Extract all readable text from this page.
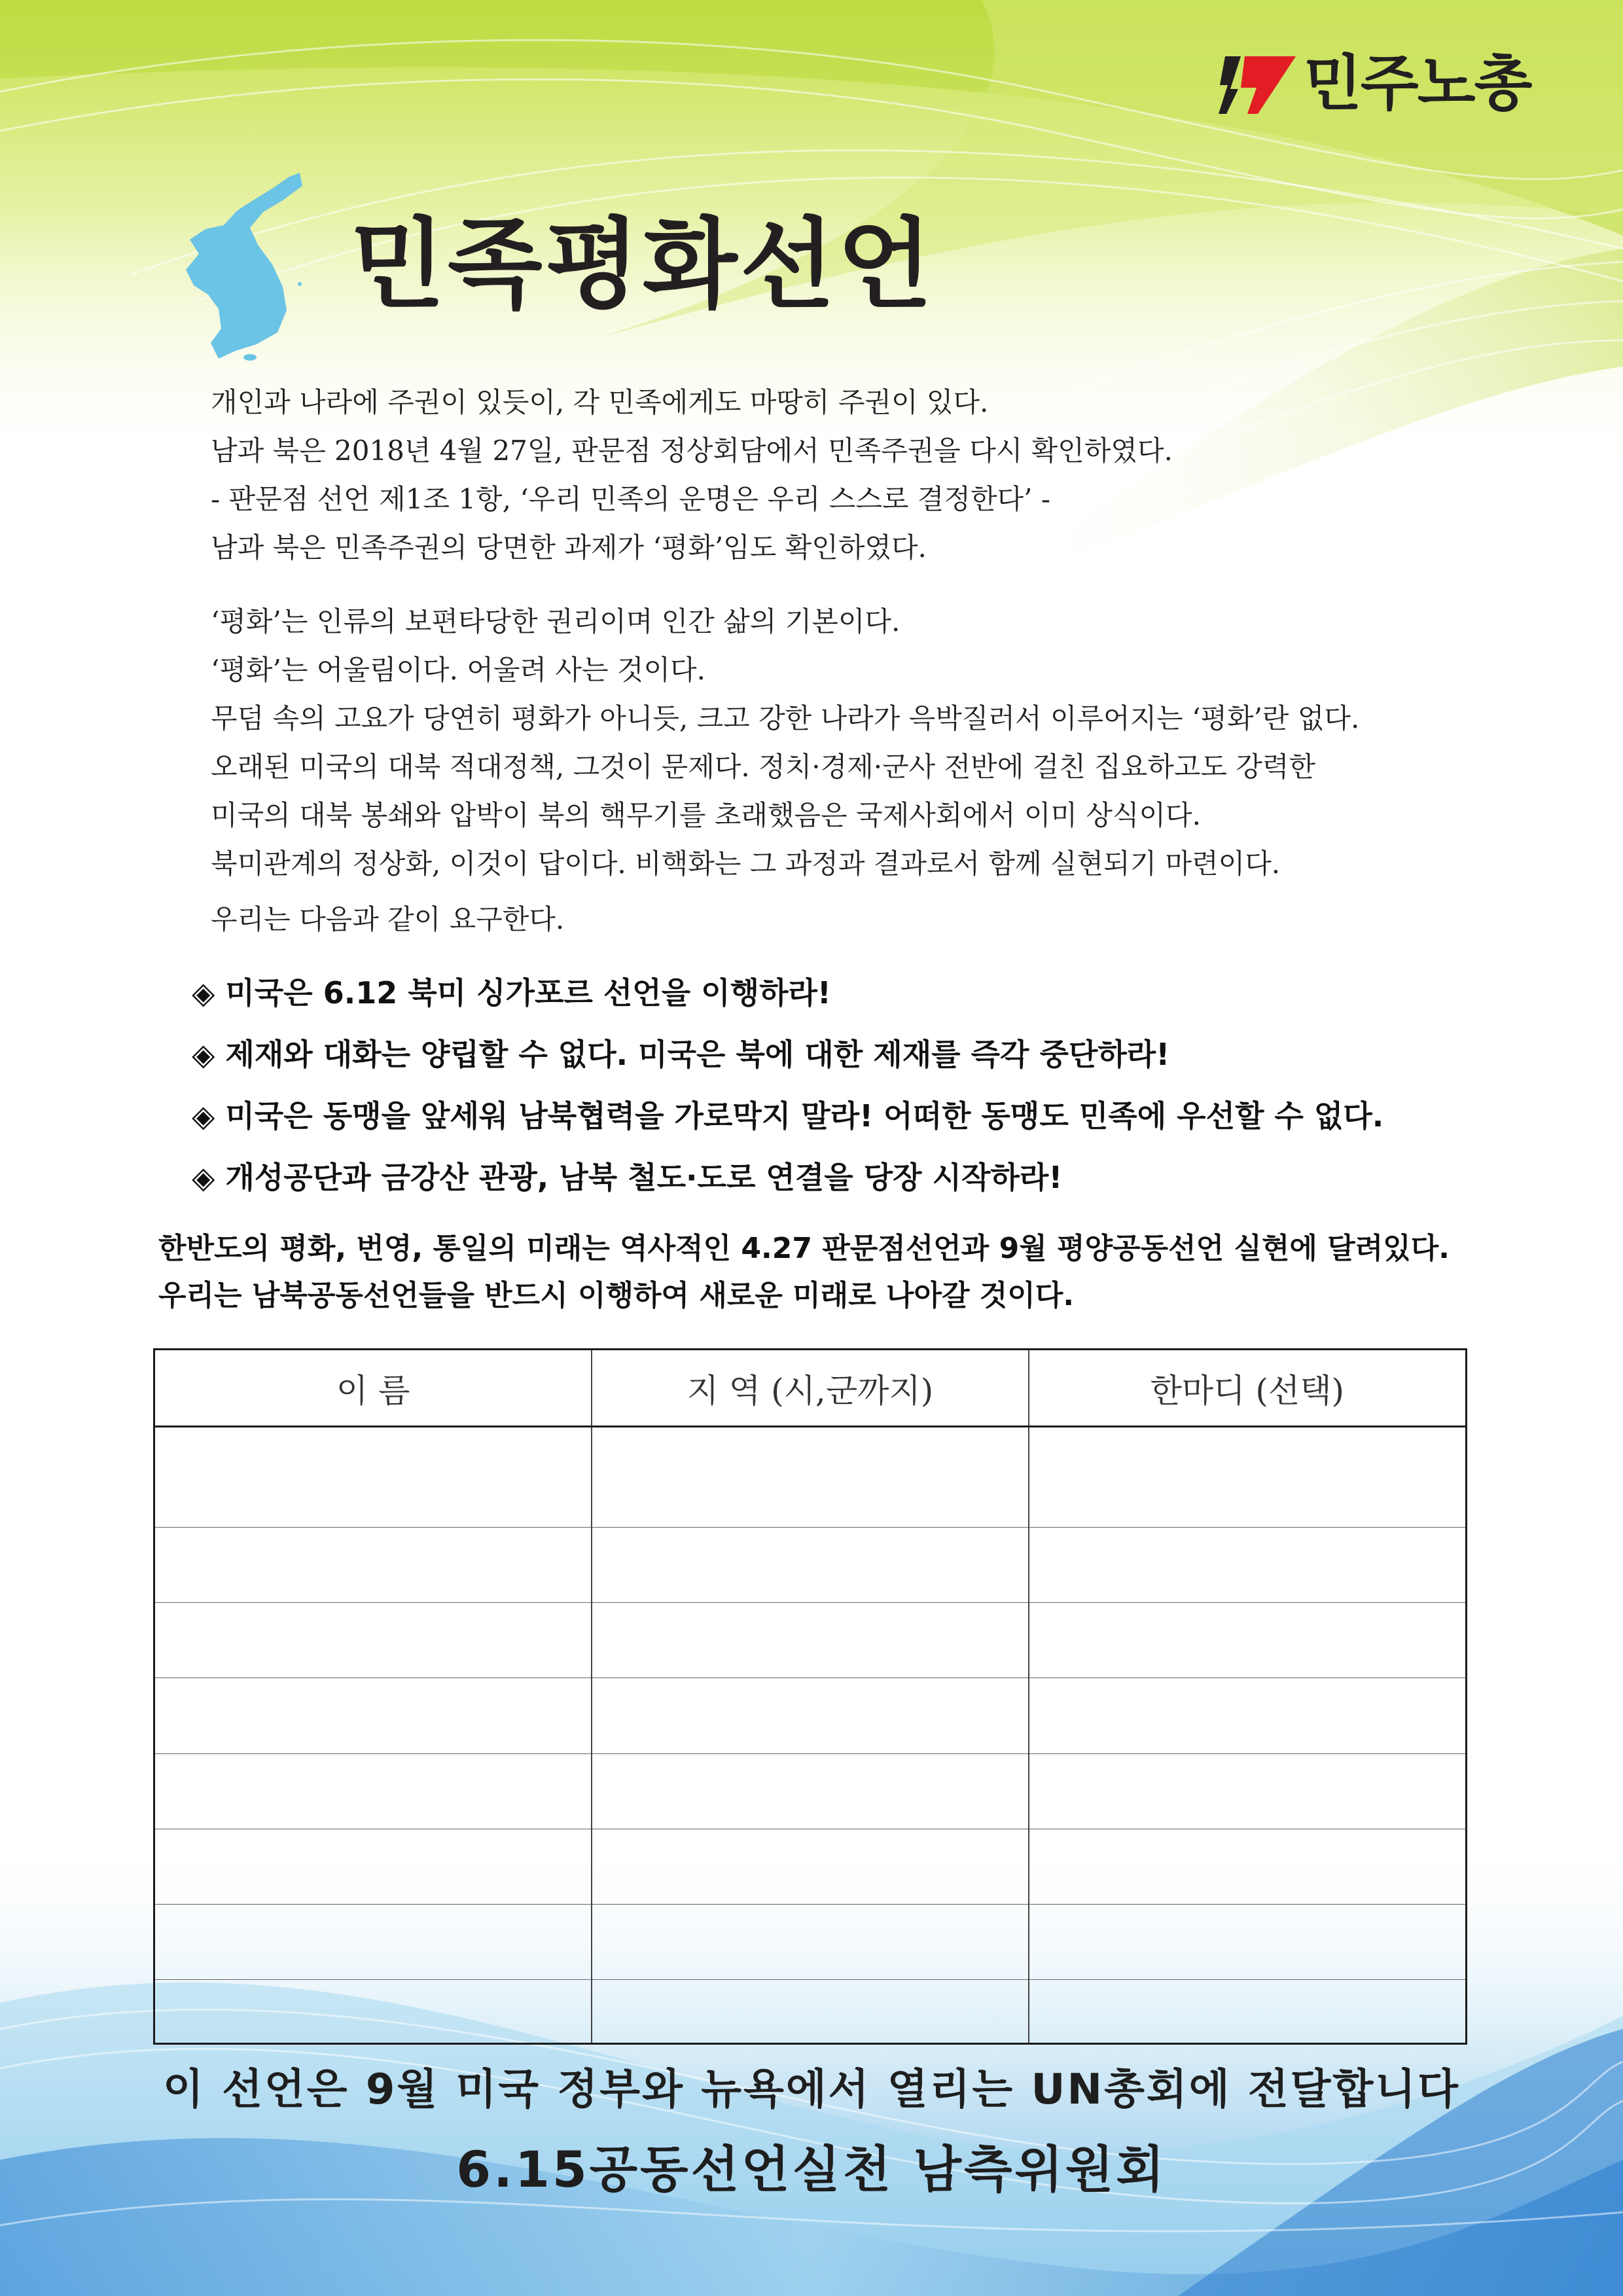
민주노총
민족평화선언
개인과 나라에 주권이 있듯이, 각 민족에게도 마땅히 주권이 있다.
남과 북은 2018년 4월 27일, 판문점 정상회담에서 민족주권을 다시 확인하였다.
- 판문점 선언 제1조 1항, ‘우리 민족의 운명은 우리 스스로 결정한다’ -
남과 북은 민족주권의 당면한 과제가 ‘평화’임도 확인하였다.
‘평화’는 인류의 보편타당한 권리이며 인간 삶의 기본이다.
‘평화’는 어울림이다. 어울려 사는 것이다.
무덤 속의 고요가 당연히 평화가 아니듯, 크고 강한 나라가 윽박질러서 이루어지는 ‘평화’란 없다.
오래된 미국의 대북 적대정책, 그것이 문제다. 정치·경제·군사 전반에 걸친 집요하고도 강력한
미국의 대북 봉쇄와 압박이 북의 핵무기를 초래했음은 국제사회에서 이미 상식이다.
북미관계의 정상화, 이것이 답이다. 비핵화는 그 과정과 결과로서 함께 실현되기 마련이다.
우리는 다음과 같이 요구한다.
◈ 미국은 6.12 북미 싱가포르 선언을 이행하라!
◈ 제재와 대화는 양립할 수 없다. 미국은 북에 대한 제재를 즉각 중단하라!
◈ 미국은 동맹을 앞세워 남북협력을 가로막지 말라! 어떠한 동맹도 민족에 우선할 수 없다.
◈ 개성공단과 금강산 관광, 남북 철도·도로 연결을 당장 시작하라!
한반도의 평화, 번영, 통일의 미래는 역사적인 4.27 판문점선언과 9월 평양공동선언 실현에 달려있다.
우리는 남북공동선언들을 반드시 이행하여 새로운 미래로 나아갈 것이다.
이 름	지 역 (시,군까지)	한마디 (선택)

이 선언은 9월 미국 정부와 뉴욕에서 열리는 UN총회에 전달합니다
6.15공동선언실천 남측위원회
